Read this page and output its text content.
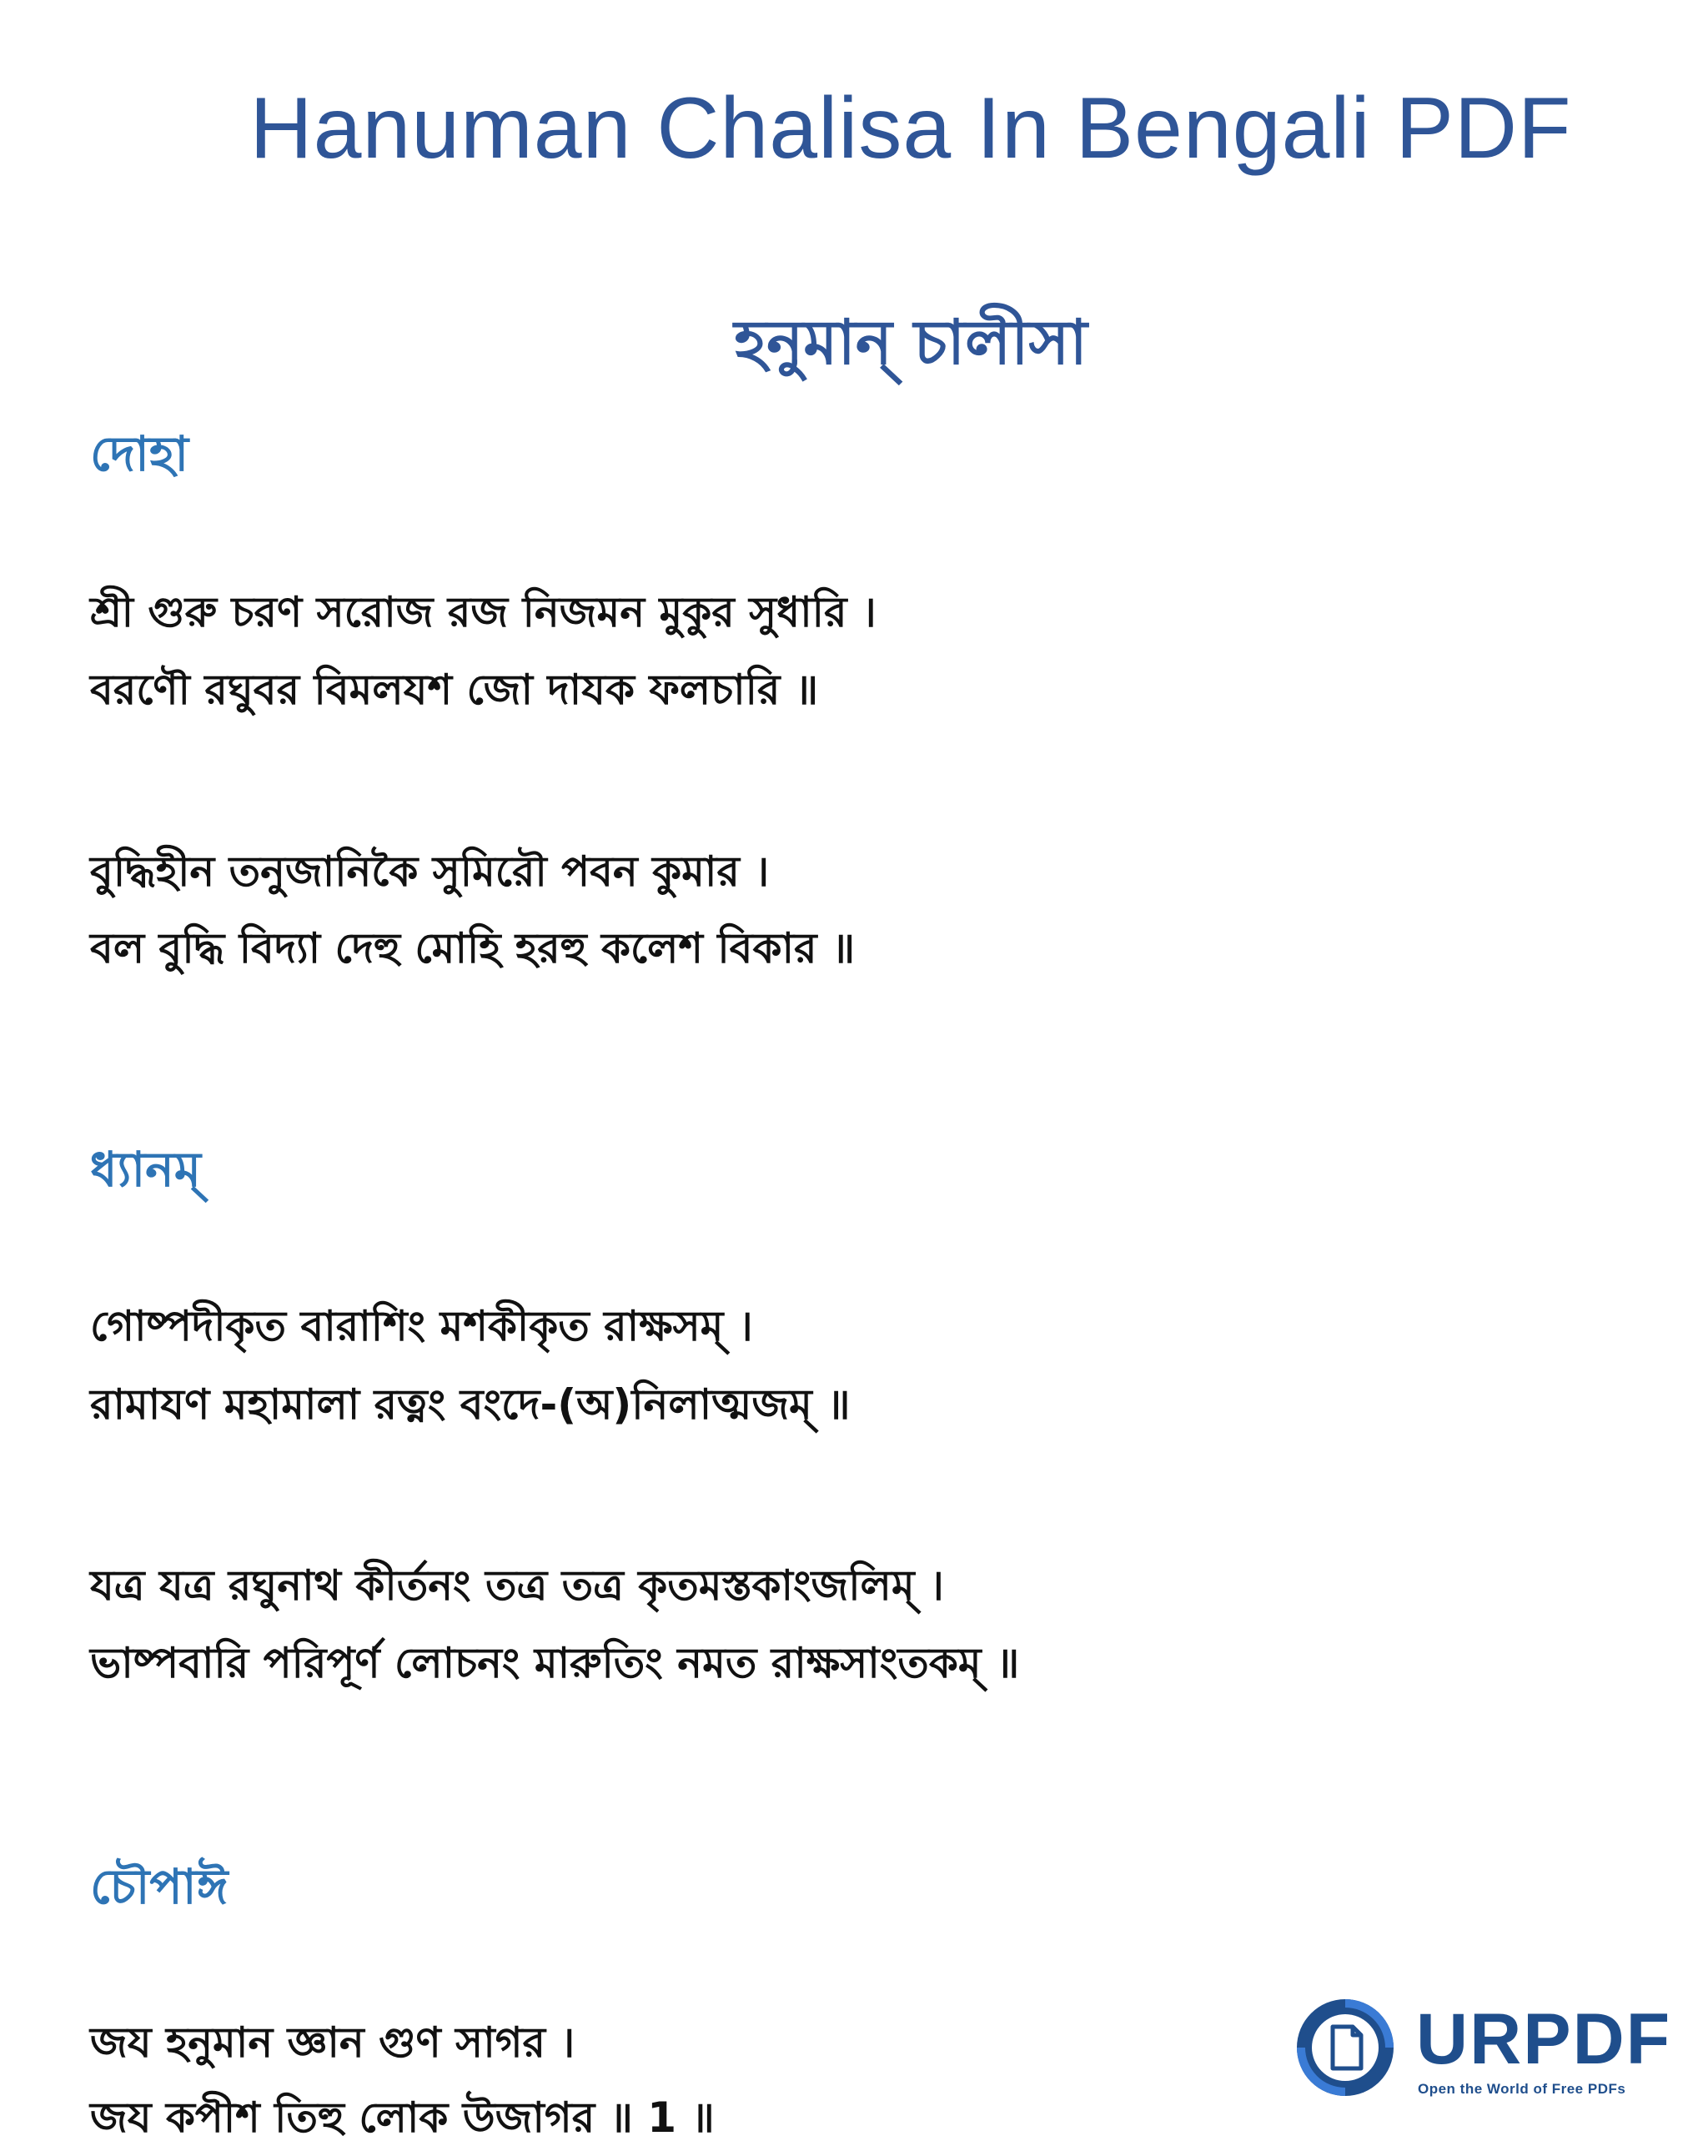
Hanuman Chalisa In Bengali PDF
হনুমান্ চালীসা
দোহা
শ্রী গুরু চরণ সরোজ রজ নিজমন মুকুর সুধারি ।
বরণৌ রঘুবর বিমলযশ জো দাযক ফলচারি ॥
বুদ্ধিহীন তনুজানিকৈ সুমিরৌ পবন কুমার ।
বল বুদ্ধি বিদ্যা দেহু মোহি হরহু কলেশ বিকার ॥
ধ্যানম্
গোষ্পদীকৃত বারাশিং মশকীকৃত রাক্ষসম্ ।
রামাযণ মহামালা রত্নং বংদে-(অ)নিলাত্মজম্ ॥
যত্র যত্র রঘুনাথ কীর্তনং তত্র তত্র কৃতমস্তকাংজলিম্ ।
ভাষ্পবারি পরিপূর্ণ লোচনং মারুতিং নমত রাক্ষসাংতকম্ ॥
চৌপাঈ
জয হনুমান জ্ঞান গুণ সাগর ।
জয কপীশ তিহু লোক উজাগর ॥ 1 ॥
URPDF
Open the World of Free PDFs
